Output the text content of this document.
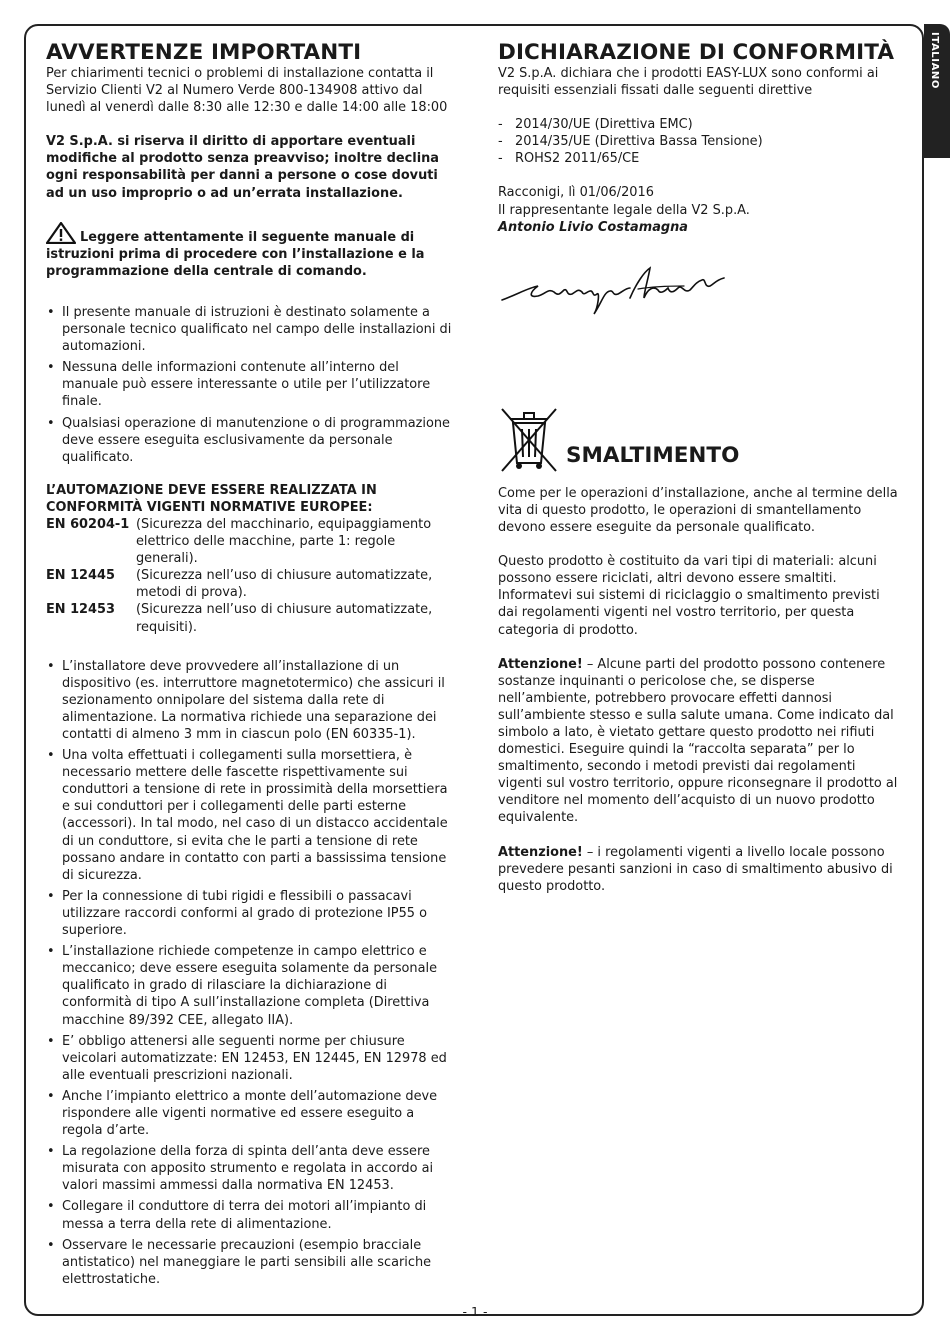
ITALIANO
AVVERTENZE IMPORTANTI

Per chiarimenti tecnici o problemi di installazione contatta il Servizio Clienti V2 al Numero Verde 800-134908 attivo dal lunedì al venerdì dalle 8:30 alle 12:30 e dalle 14:00 alle 18:00

V2 S.p.A. si riserva il diritto di apportare eventuali modifiche al prodotto senza preavviso; inoltre declina ogni responsabilità per danni a persone o cose dovuti ad un uso improprio o ad un’errata installazione.

Leggere attentamente il seguente manuale di istruzioni prima di procedere con l’installazione e la programmazione della centrale di comando.

• Il presente manuale di istruzioni è destinato solamente a personale tecnico qualificato nel campo delle installazioni di automazioni.
• Nessuna delle informazioni contenute all’interno del manuale può essere interessante o utile per l’utilizzatore finale.
• Qualsiasi operazione di manutenzione o di programmazione deve essere eseguita esclusivamente da personale qualificato.

L’AUTOMAZIONE DEVE ESSERE REALIZZATA IN CONFORMITÀ VIGENTI NORMATIVE EUROPEE:

EN 60204-1 (Sicurezza del macchinario, equipaggiamento elettrico delle macchine, parte 1: regole generali).
EN 12445	(Sicurezza nell’uso di chiusure automatizzate, metodi di prova).
EN 12453	(Sicurezza nell’uso di chiusure automatizzate, requisiti).
• L’installatore deve provvedere all’installazione di un dispositivo (es. interruttore magnetotermico) che assicuri il sezionamento onnipolare del sistema dalla rete di alimentazione. La normativa richiede una separazione dei contatti di almeno 3 mm in ciascun polo (EN 60335-1).
• Una volta effettuati i collegamenti sulla morsettiera, è necessario mettere delle fascette rispettivamente sui conduttori a tensione di rete in prossimità della morsettiera e sui conduttori per i collegamenti delle parti esterne (accessori). In tal modo, nel caso di un distacco accidentale di un conduttore, si evita che le parti a tensione di rete possano andare in contatto con parti a bassissima tensione di sicurezza.
• Per la connessione di tubi rigidi e flessibili o passacavi utilizzare raccordi conformi al grado di protezione IP55 o superiore.
• L’installazione richiede competenze in campo elettrico e meccanico; deve essere eseguita solamente da personale qualificato in grado di rilasciare la dichiarazione di conformità di tipo A sull’installazione completa (Direttiva macchine 89/392 CEE, allegato IIA).
• E’ obbligo attenersi alle seguenti norme per chiusure veicolari automatizzate: EN 12453, EN 12445, EN 12978 ed alle eventuali prescrizioni nazionali.
• Anche l’impianto elettrico a monte dell’automazione deve rispondere alle vigenti normative ed essere eseguito a regola d’arte.
• La regolazione della forza di spinta dell’anta deve essere misurata con apposito strumento e regolata in accordo ai valori massimi ammessi dalla normativa EN 12453.
• Collegare il conduttore di terra dei motori all’impianto di messa a terra della rete di alimentazione.
• Osservare le necessarie precauzioni (esempio bracciale antistatico) nel maneggiare le parti sensibili alle scariche elettrostatiche.
DICHIARAZIONE DI CONFORMITÀ

V2 S.p.A. dichiara che i prodotti EASY-LUX sono conformi ai requisiti essenziali fissati dalle seguenti direttive

- 2014/30/UE (Direttiva EMC)
- 2014/35/UE (Direttiva Bassa Tensione)
- ROHS2 2011/65/CE

Racconigi, lì 01/06/2016

Il rappresentante legale della V2 S.p.A.

Antonio Livio Costamagna

SMALTIMENTO

Come per le operazioni d’installazione, anche al termine della vita di questo prodotto, le operazioni di smantellamento devono essere eseguite da personale qualificato.

Questo prodotto è costituito da vari tipi di materiali: alcuni possono essere riciclati, altri devono essere smaltiti.

Informatevi sui sistemi di riciclaggio o smaltimento previsti dai regolamenti vigenti nel vostro territorio, per questa categoria di prodotto.

Attenzione! – Alcune parti del prodotto possono contenere sostanze inquinanti o pericolose che, se disperse nell’ambiente, potrebbero provocare effetti dannosi sull’ambiente stesso e sulla salute umana. Come indicato dal simbolo a lato, è vietato gettare questo prodotto nei rifiuti domestici. Eseguire quindi la “raccolta separata” per lo smaltimento, secondo i metodi previsti dai regolamenti vigenti sul vostro territorio, oppure riconsegnare il prodotto al venditore nel momento dell’acquisto di un nuovo prodotto equivalente.

Attenzione! – i regolamenti vigenti a livello locale possono prevedere pesanti sanzioni in caso di smaltimento abusivo di questo prodotto.

- 1 -
